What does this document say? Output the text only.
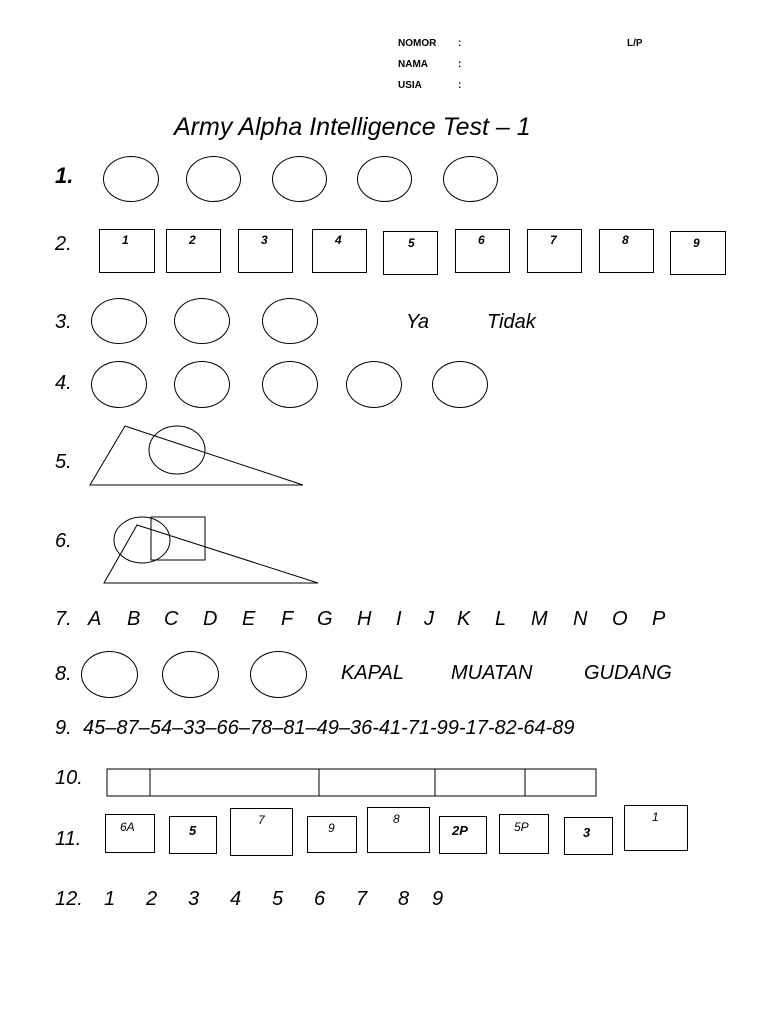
NOMOR :	L/P
NAMA	:
USIA	:
Army Alpha Intelligence Test – 1
1.
2.	1	2	3	4	5	6	7	8	9
3.	Ya	Tidak
4.
5.
6.
7. A B C D E F G H I J K L M N O P
8.	KAPAL MUATAN	GUDANG
9. 45–87–54–33–66–78–81–49–36-41-71-99-17-82-64-89
10.
11.
6A	5
7
9
8
2P	5P	3
1
12. 1 2 3 4 5 6 7 8 9
